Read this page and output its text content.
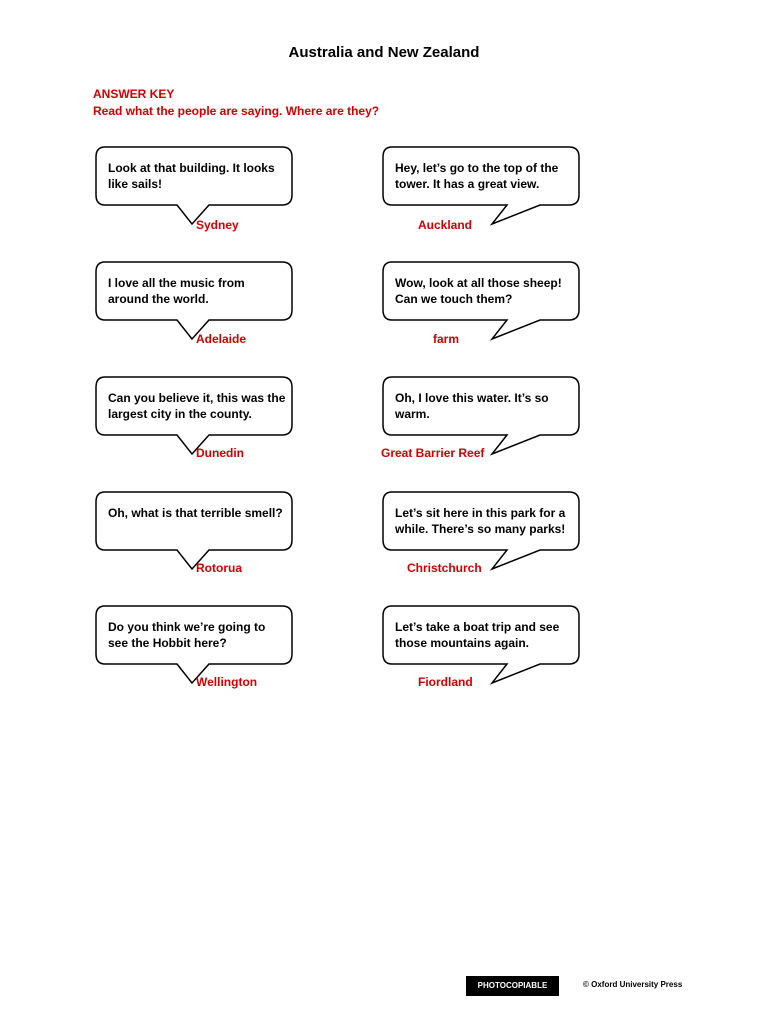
Australia and New Zealand
ANSWER KEY
Read what the people are saying. Where are they?
Look at that building. It looks like sails!
Sydney
Hey, let’s go to the top of the tower. It has a great view.
Auckland
I love all the music from around the world.
Adelaide
Wow, look at all those sheep! Can we touch them?
farm
Can you believe it, this was the largest city in the county.
Dunedin
Oh, I love this water. It’s so warm.
Great Barrier Reef
Oh, what is that terrible smell?
Rotorua
Let’s sit here in this park for a while. There’s so many parks!
Christchurch
Do you think we’re going to see the Hobbit here?
Wellington
Let’s take a boat trip and see those mountains again.
Fiordland
PHOTOCOPIABLE	© Oxford University Press
